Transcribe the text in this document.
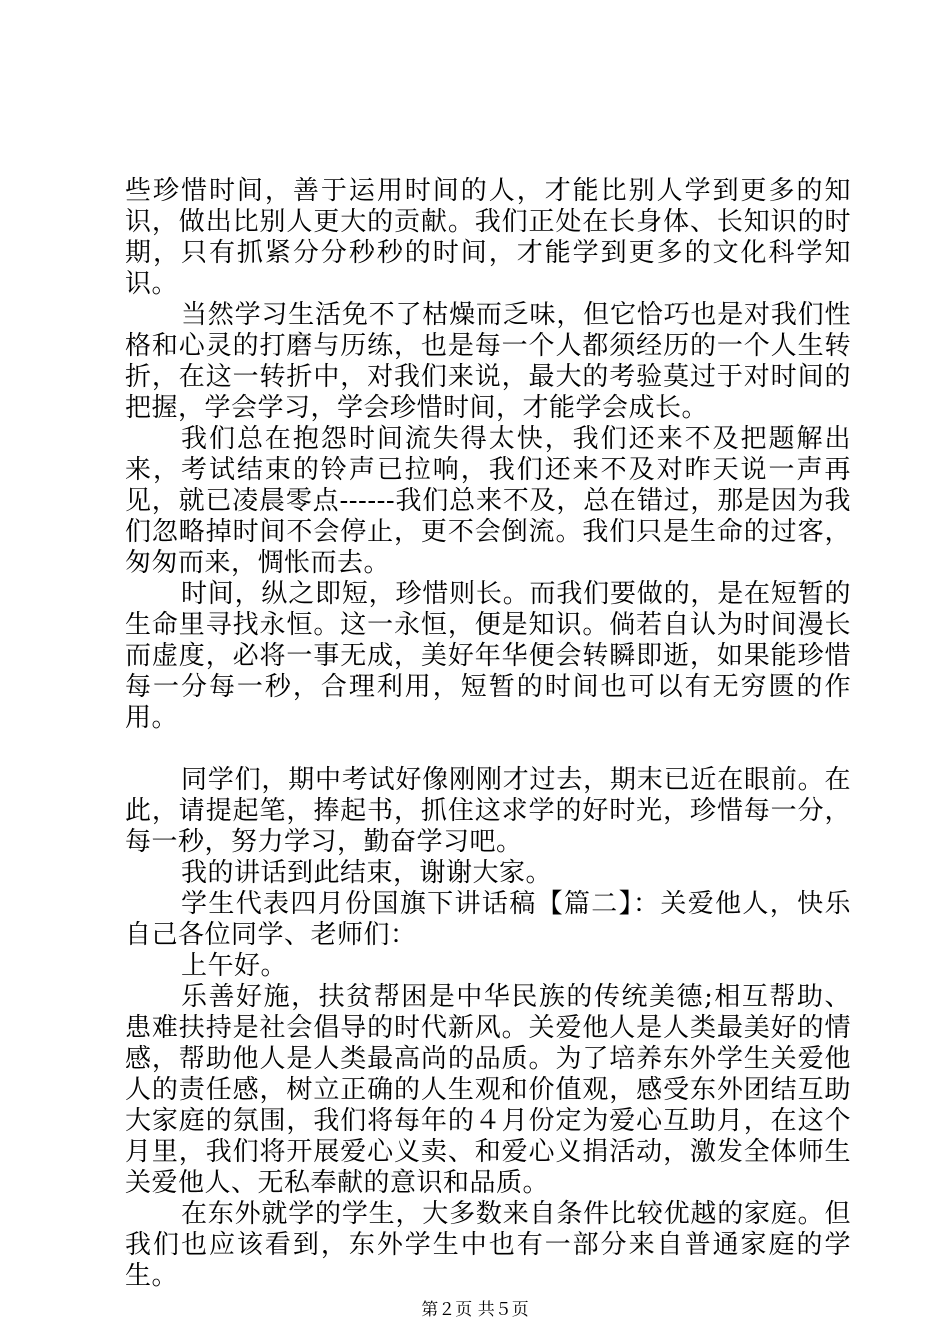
些珍惜时间，善于运用时间的人，才能比别人学到更多的知识，做出比别人更大的贡献。我们正处在长身体、长知识的时期，只有抓紧分分秒秒的时间，才能学到更多的文化科学知识。

当然学习生活免不了枯燥而乏味，但它恰巧也是对我们性格和心灵的打磨与历练，也是每一个人都须经历的一个人生转折，在这一转折中，对我们来说，最大的考验莫过于对时间的把握，学会学习，学会珍惜时间，才能学会成长。

我们总在抱怨时间流失得太快，我们还来不及把题解出来，考试结束的铃声已拉响，我们还来不及对昨天说一声再见，就已凌晨零点------我们总来不及，总在错过，那是因为我们忽略掉时间不会停止，更不会倒流。我们只是生命的过客，匆匆而来，惆怅而去。

时间，纵之即短，珍惜则长。而我们要做的，是在短暂的生命里寻找永恒。这一永恒，便是知识。倘若自认为时间漫长而虚度，必将一事无成，美好年华便会转瞬即逝，如果能珍惜每一分每一秒，合理利用，短暂的时间也可以有无穷匮的作用。

同学们，期中考试好像刚刚才过去，期末已近在眼前。在此，请提起笔，捧起书，抓住这求学的好时光，珍惜每一分，每一秒，努力学习，勤奋学习吧。

我的讲话到此结束，谢谢大家。

学生代表四月份国旗下讲话稿【篇二】：关爱他人，快乐自己各位同学、老师们：

上午好。

乐善好施，扶贫帮困是中华民族的传统美德;相互帮助、患难扶持是社会倡导的时代新风。关爱他人是人类最美好的情感，帮助他人是人类最高尚的品质。为了培养东外学生关爱他人的责任感，树立正确的人生观和价值观，感受东外团结互助大家庭的氛围，我们将每年的４月份定为爱心互助月，在这个月里，我们将开展爱心义卖、和爱心义捐活动，激发全体师生关爱他人、无私奉献的意识和品质。

在东外就学的学生，大多数来自条件比较优越的家庭。但我们也应该看到，东外学生中也有一部分来自普通家庭的学生。

第２页 共５页
